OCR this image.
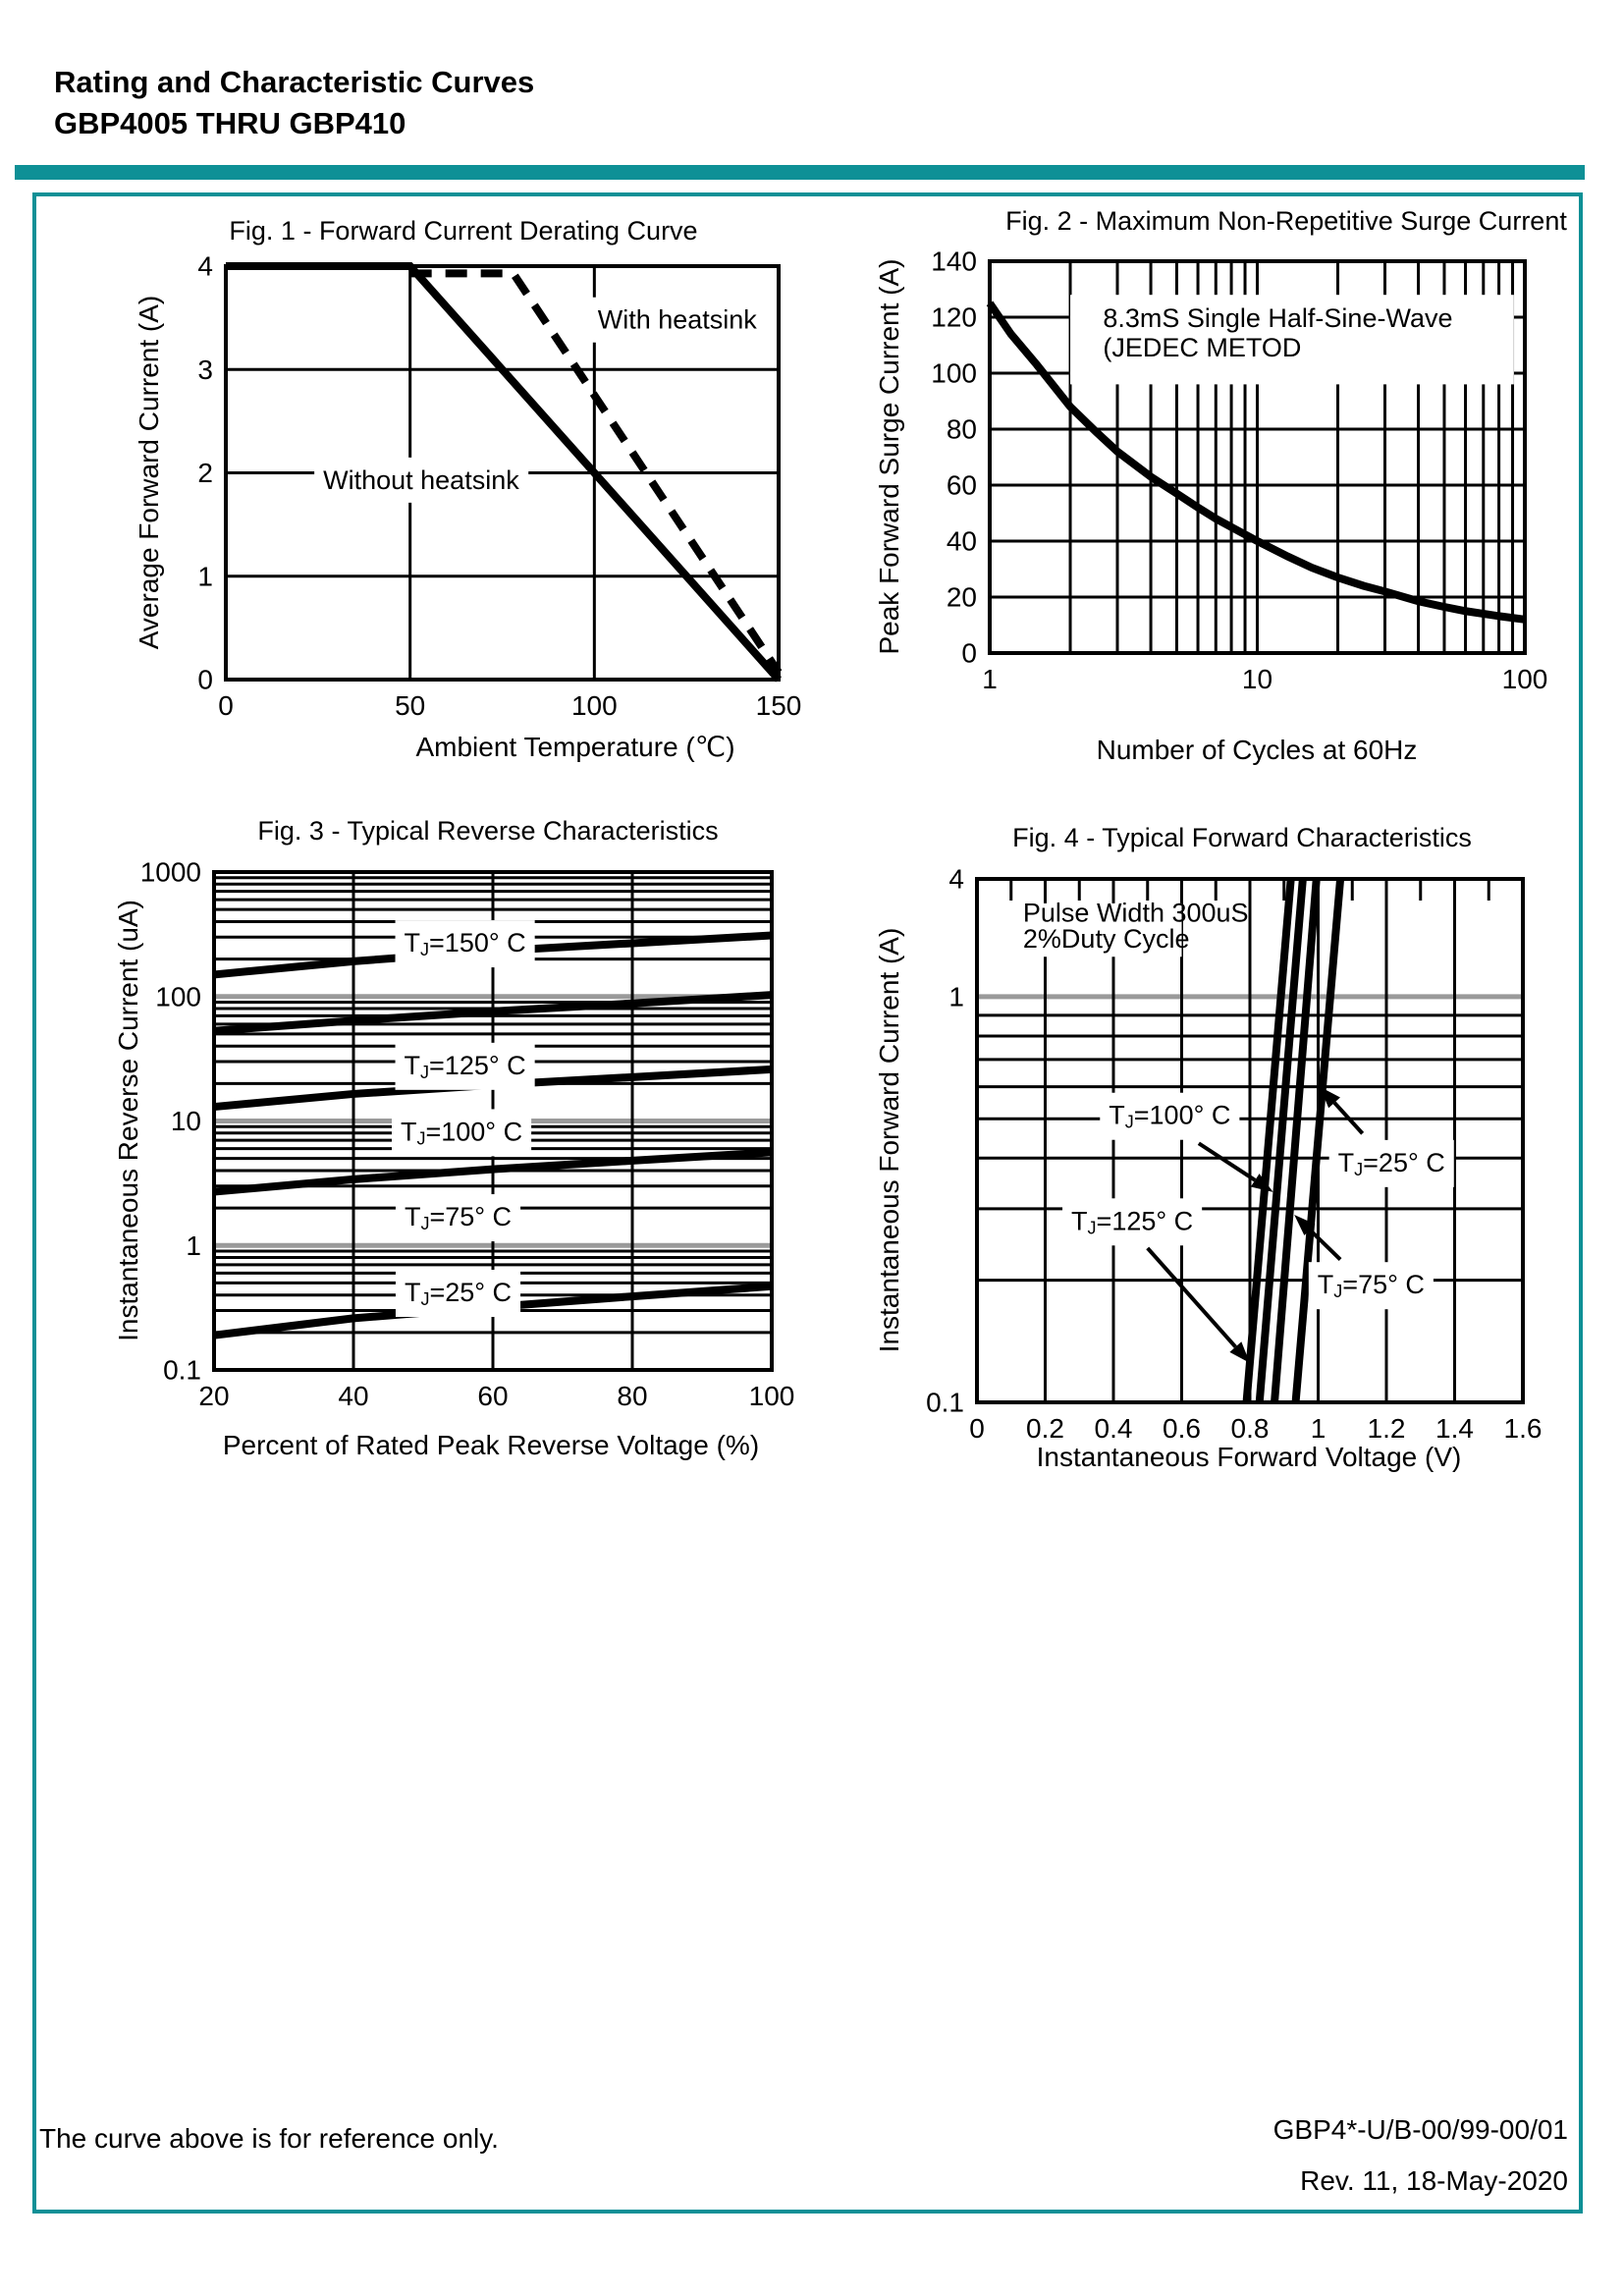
Rating and Characteristic Curves
GBP4005 THRU GBP410
Fig. 1 - Forward Current Derating Curve
Average Forward Current (A)	With heatsink
Without heatsink
0	50	100	150
0
1
2
3
4
Ambient Temperature (℃)
Fig. 2 - Maximum Non-Repetitive Surge Current
Peak Forward Surge Current (A)	8.3mS Single Half-Sine-Wave
(JEDEC METOD
1	10	100
0
20
40
60
80
100
120
140
Number of Cycles at 60Hz
Fig. 3 - Typical Reverse Characteristics
Instantaneous Reverse Current (uA)	$T_J=150^\circ$ C
$T_J=125^\circ$ C
$T_J=100^\circ$ C
$T_J=75^\circ$ C
$T_J=25^\circ$ C
20	40	60	80	100
1000
100
10
1
0.1
Percent of Rated Peak Reverse Voltage (%)
Fig. 4 - Typical Forward Characteristics
Instantaneous Forward Current (A)
Pulse Width 300uS
2%Duty Cycle
$T_J=100^\circ$ C
$T_J=25^\circ$ C
$T_J=125^\circ$ C
$T_J=75^\circ$ C
0 0.2 0.4 0.6 0.8 1 1.2 1.4 1.6
4
1
0.1
Instantaneous Forward Voltage (V)
The curve above is for reference only.	GBP4*-U/B-00/99-00/01
Rev. 11, 18-May-2020
